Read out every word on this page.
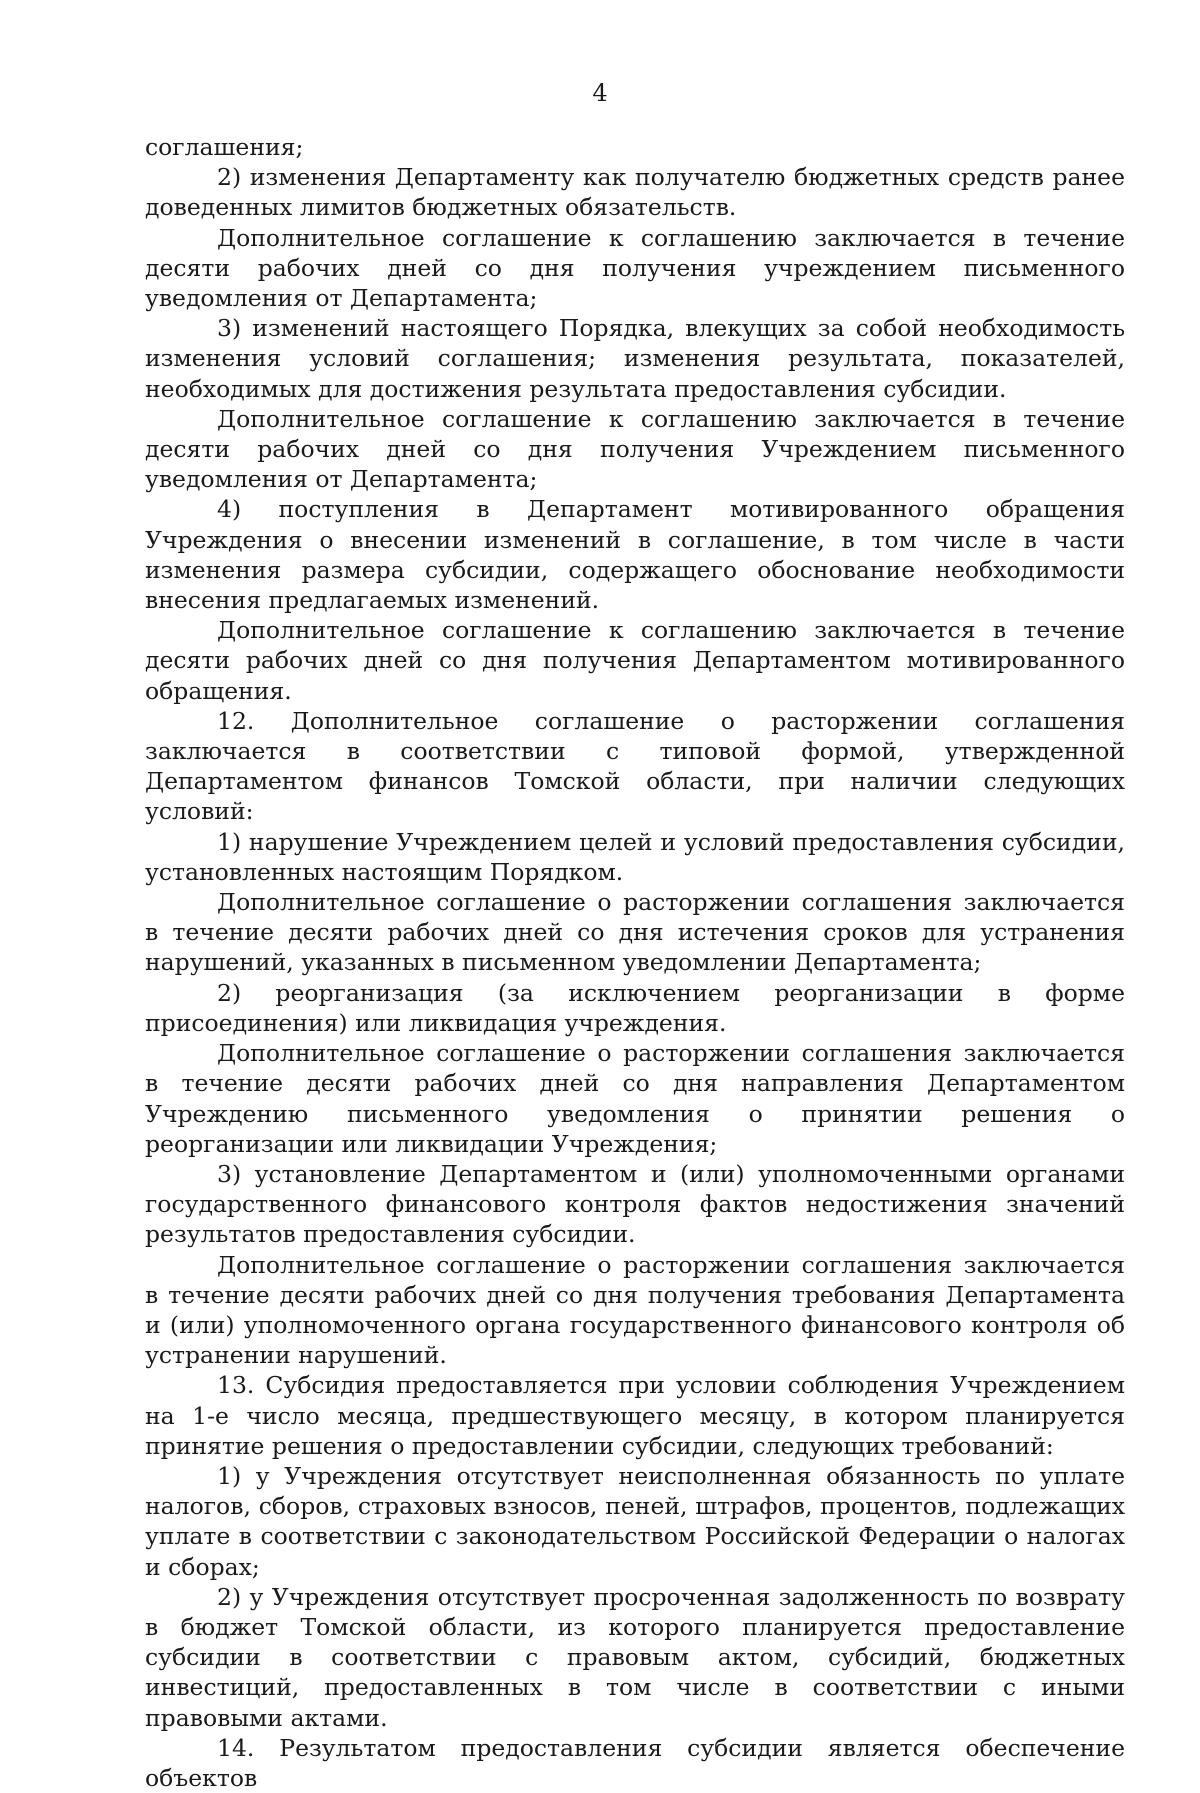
4

соглашения;

2) изменения Департаменту как получателю бюджетных средств ранее доведенных лимитов бюджетных обязательств.

Дополнительное соглашение к соглашению заключается в течение десяти рабочих дней со дня получения учреждением письменного уведомления от Департамента;

3) изменений настоящего Порядка, влекущих за собой необходимость изменения условий соглашения; изменения результата, показателей, необходимых для достижения результата предоставления субсидии.

Дополнительное соглашение к соглашению заключается в течение десяти рабочих дней со дня получения Учреждением письменного уведомления от Департамента;

4) поступления в Департамент мотивированного обращения Учреждения о внесении изменений в соглашение, в том числе в части изменения размера субсидии, содержащего обоснование необходимости внесения предлагаемых изменений.

Дополнительное соглашение к соглашению заключается в течение десяти рабочих дней со дня получения Департаментом мотивированного обращения.

12. Дополнительное соглашение о расторжении соглашения заключается в соответствии с типовой формой, утвержденной Департаментом финансов Томской области, при наличии следующих условий:

1) нарушение Учреждением целей и условий предоставления субсидии, установленных настоящим Порядком.

Дополнительное соглашение о расторжении соглашения заключается в течение десяти рабочих дней со дня истечения сроков для устранения нарушений, указанных в письменном уведомлении Департамента;

2) реорганизация (за исключением реорганизации в форме присоединения) или ликвидация учреждения.

Дополнительное соглашение о расторжении соглашения заключается в течение десяти рабочих дней со дня направления Департаментом Учреждению письменного уведомления о принятии решения о реорганизации или ликвидации Учреждения;

3) установление Департаментом и (или) уполномоченными органами государственного финансового контроля фактов недостижения значений результатов предоставления субсидии.

Дополнительное соглашение о расторжении соглашения заключается в течение десяти рабочих дней со дня получения требования Департамента и (или) уполномоченного органа государственного финансового контроля об устранении нарушений.

13. Субсидия предоставляется при условии соблюдения Учреждением на 1-е число месяца, предшествующего месяцу, в котором планируется принятие решения о предоставлении субсидии, следующих требований:

1) у Учреждения отсутствует неисполненная обязанность по уплате налогов, сборов, страховых взносов, пеней, штрафов, процентов, подлежащих уплате в соответствии с законодательством Российской Федерации о налогах и сборах;

2) у Учреждения отсутствует просроченная задолженность по возврату в бюджет Томской области, из которого планируется предоставление субсидии в соответствии с правовым актом, субсидий, бюджетных инвестиций, предоставленных в том числе в соответствии с иными правовыми актами.

14. Результатом предоставления субсидии является обеспечение объектов
